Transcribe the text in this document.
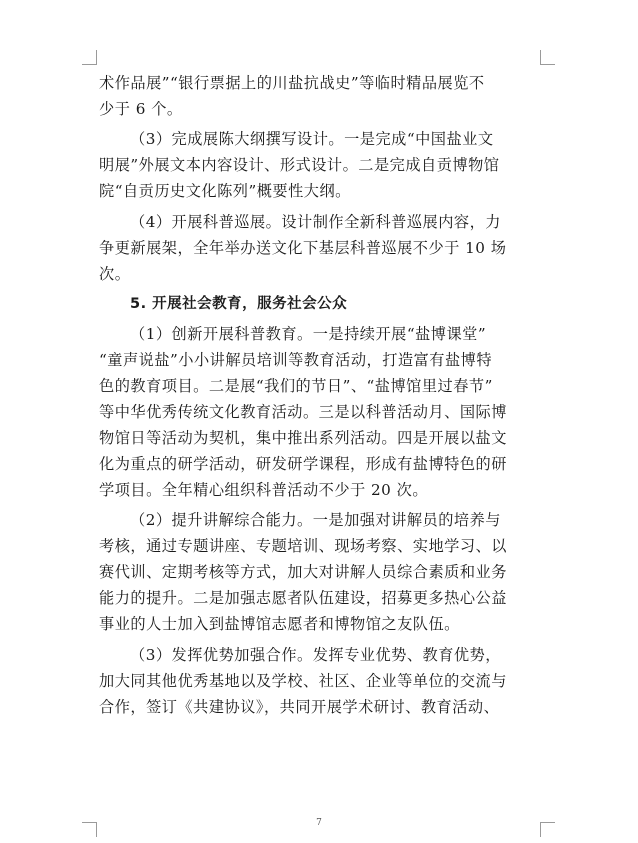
术作品展”“银行票据上的川盐抗战史”等临时精品展览不
少于 6 个。
（3）完成展陈大纲撰写设计。一是完成“中国盐业文
明展”外展文本内容设计、形式设计。二是完成自贡博物馆
院“自贡历史文化陈列”概要性大纲。
（4）开展科普巡展。设计制作全新科普巡展内容，力
争更新展架，全年举办送文化下基层科普巡展不少于 10 场
次。
5. 开展社会教育，服务社会公众
（1）创新开展科普教育。一是持续开展“盐博课堂”
“童声说盐”小小讲解员培训等教育活动，打造富有盐博特
色的教育项目。二是展“我们的节日”、“盐博馆里过春节”
等中华优秀传统文化教育活动。三是以科普活动月、国际博
物馆日等活动为契机，集中推出系列活动。四是开展以盐文
化为重点的研学活动，研发研学课程，形成有盐博特色的研
学项目。全年精心组织科普活动不少于 20 次。
（2）提升讲解综合能力。一是加强对讲解员的培养与
考核，通过专题讲座、专题培训、现场考察、实地学习、以
赛代训、定期考核等方式，加大对讲解人员综合素质和业务
能力的提升。二是加强志愿者队伍建设，招募更多热心公益
事业的人士加入到盐博馆志愿者和博物馆之友队伍。
（3）发挥优势加强合作。发挥专业优势、教育优势，
加大同其他优秀基地以及学校、社区、企业等单位的交流与
合作，签订《共建协议》，共同开展学术研讨、教育活动、
7
